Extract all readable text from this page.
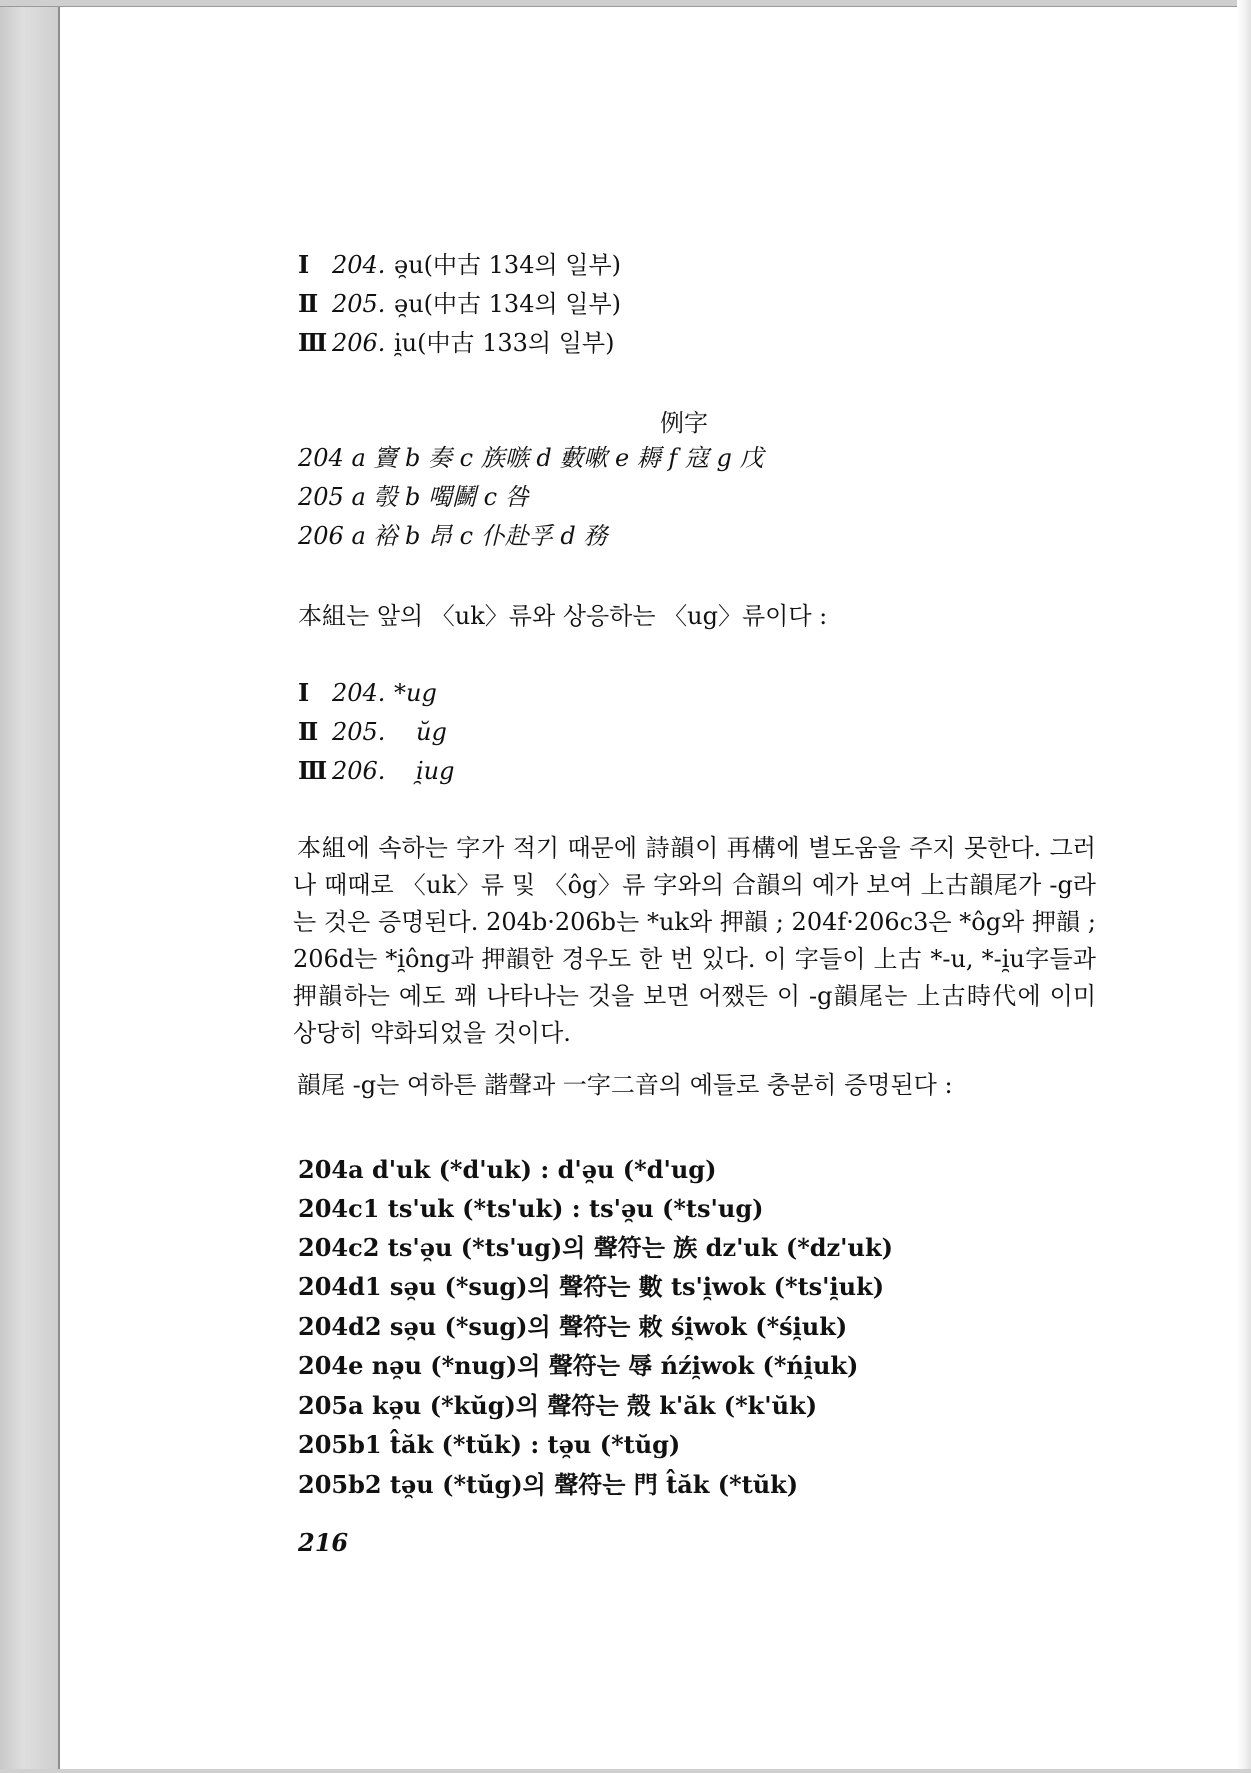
Ⅰ 204. ə̯u(中古 134의 일부)
Ⅱ 205. ə̯u(中古 134의 일부)
Ⅲ 206. i̯u(中古 133의 일부)
例字
204 a 竇 b 奏 c 族嗾 d 藪嗽 e 耨 f 寇 g 戊
205 a 彀 b 噣鬭 c 咎
206 a 裕 b 昂 c 仆赴孚 d 務
本組는 앞의 〈uk〉류와 상응하는 〈ug〉류이다 :
Ⅰ 204. *ug
Ⅱ 205. ŭg
Ⅲ 206. i̯ug
本組에 속하는 字가 적기 때문에 詩韻이 再構에 별도움을 주지 못한다. 그러나 때때로 〈uk〉류 및 〈ôg〉류 字와의 合韻의 예가 보여 上古韻尾가 -g라는 것은 증명된다. 204b·206b는 *uk와 押韻 ; 204f·206c3은 *ôg와 押韻 ; 206d는 *i̯ông과 押韻한 경우도 한 번 있다. 이 字들이 上古 *-u, *-i̯u字들과 押韻하는 예도 꽤 나타나는 것을 보면 어쨌든 이 -g韻尾는 上古時代에 이미 상당히 약화되었을 것이다.
韻尾 -g는 여하튼 諧聲과 一字二音의 예들로 충분히 증명된다 :
204a d'uk (*d'uk) : d'ə̯u (*d'ug)
204c1 ts'uk (*ts'uk) : ts'ə̯u (*ts'ug)
204c2 ts'ə̯u (*ts'ug)의 聲符는 族 dz'uk (*dz'uk)
204d1 sə̯u (*sug)의 聲符는 數 ts'i̯wok (*ts'i̯uk)
204d2 sə̯u (*sug)의 聲符는 敕 śi̯wok (*śi̯uk)
204e nə̯u (*nug)의 聲符는 辱 ńźi̯wok (*ńi̯uk)
205a kə̯u (*kŭg)의 聲符는 殼 k'ăk (*k'ŭk)
205b1 t̂ăk (*tŭk) : tə̯u (*tŭg)
205b2 tə̯u (*tŭg)의 聲符는 門 t̂ăk (*tŭk)
216
